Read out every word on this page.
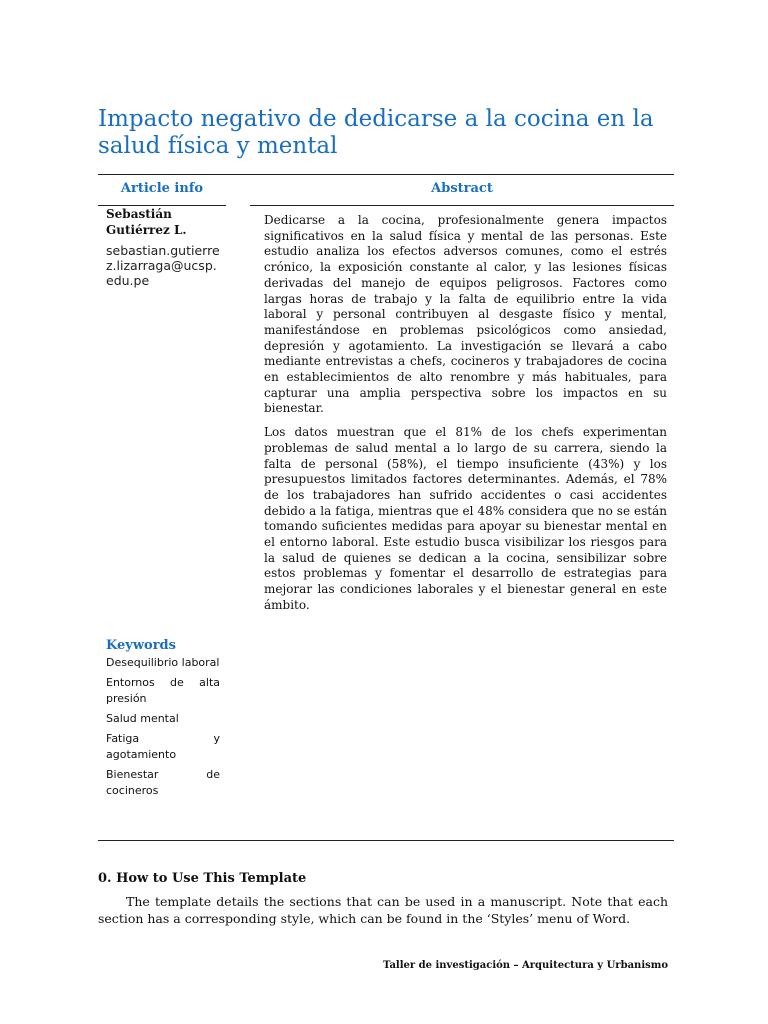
Impacto negativo de dedicarse a la cocina en la salud física y mental
Article info	Abstract
Sebastián Gutiérrez L.
sebastian.gutierrez.lizarraga@ucsp.edu.pe

Dedicarse a la cocina, profesionalmente genera impactos significativos en la salud física y mental de las personas. Este estudio analiza los efectos adversos comunes, como el estrés crónico, la exposición constante al calor, y las lesiones físicas derivadas del manejo de equipos peligrosos. Factores como largas horas de trabajo y la falta de equilibrio entre la vida laboral y personal contribuyen al desgaste físico y mental, manifestándose en problemas psicológicos como ansiedad, depresión y agotamiento. La investigación se llevará a cabo mediante entrevistas a chefs, cocineros y trabajadores de cocina en establecimientos de alto renombre y más habituales, para capturar una amplia perspectiva sobre los impactos en su bienestar.

Los datos muestran que el 81% de los chefs experimentan problemas de salud mental a lo largo de su carrera, siendo la falta de personal (58%), el tiempo insuficiente (43%) y los presupuestos limitados factores determinantes. Además, el 78% de los trabajadores han sufrido accidentes o casi accidentes debido a la fatiga, mientras que el 48% considera que no se están tomando suficientes medidas para apoyar su bienestar mental en el entorno laboral. Este estudio busca visibilizar los riesgos para la salud de quienes se dedican a la cocina, sensibilizar sobre estos problemas y fomentar el desarrollo de estrategias para mejorar las condiciones laborales y el bienestar general en este ámbito.

Keywords
Desequilibrio laboral
Entornos de alta presión
Salud mental
Fatiga y agotamiento
Bienestar de cocineros
0. How to Use This Template

The template details the sections that can be used in a manuscript. Note that each section has a corresponding style, which can be found in the ‘Styles’ menu of Word.

Taller de investigación – Arquitectura y Urbanismo
